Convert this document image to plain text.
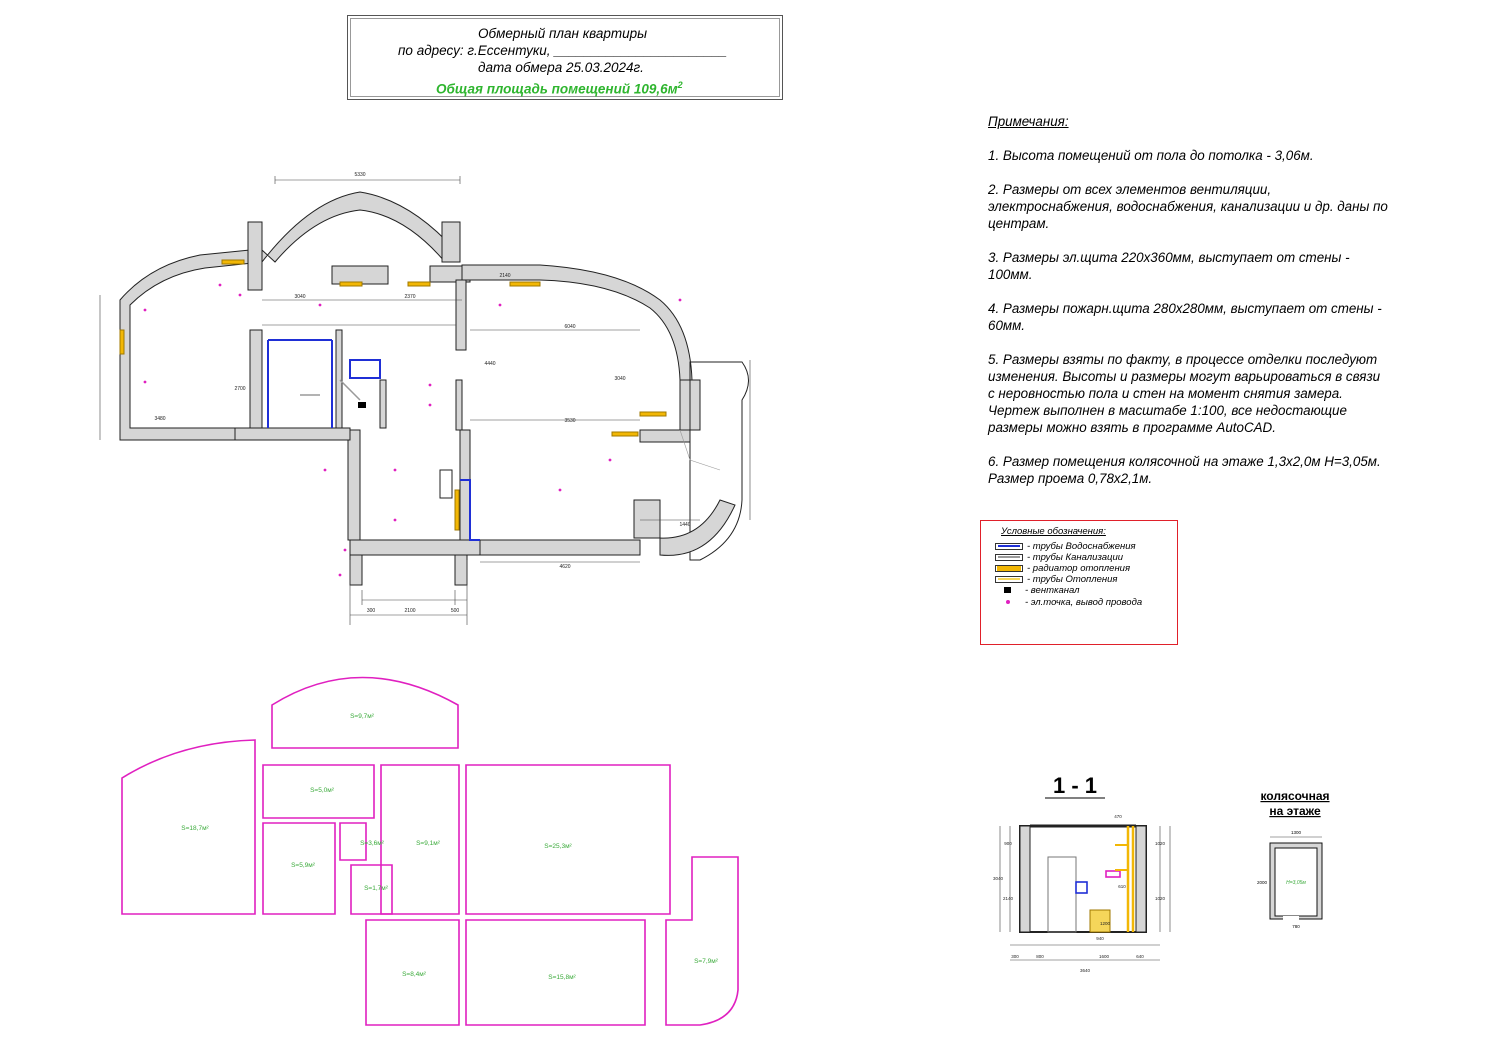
Обмерный план квартиры
по адресу: г.Ессентуки, _______________________
дата обмера 25.03.2024г.
Общая площадь помещений $109,6м^2$
Примечания:
1. Высота помещений от пола до потолка - 3,06м.
2. Размеры от всех элементов вентиляции, электроснабжения, водоснабжения, канализации и др. даны по центрам.
3. Размеры эл.щита 220х360мм, выступает от стены - 100мм.
4. Размеры пожарн.щита 280х280мм, выступает от стены - 60мм.
5. Размеры взяты по факту, в процессе отделки последуют изменения. Высоты и размеры могут варьироваться в связи с неровностью пола и стен на момент снятия замера. Чертеж выполнен в масштабе 1:100, все недостающие размеры можно взять в программе AutoCAD.
6. Размер помещения колясочной на этаже 1,3х2,0м Н=3,05м. Размер проема 0,78х2,1м.
Условные обозначения:
- трубы Водоснабжения
- трубы Канализации
- радиатор отопления
- трубы Отопления
- вентканал
- эл.точка, вывод провода
5330
3040	2370
2140
4440
3480
2700
3040
6040
4620
2100
300	500
1440
3530
S=9,7м²
S=5,0м²
S=18,7м²
S=5,9м²
S=3,6м²
S=1,7м²
S=9,1м²	S=25,3м²
S=8,4м²	S=15,8м²
S=7,9м²
1 - 1
470
3040
2140	1020
900	1020
1200
940
610
300	800	1600	640
3640
колясочная
на этаже
1300
Н=3,05м
2000
780
